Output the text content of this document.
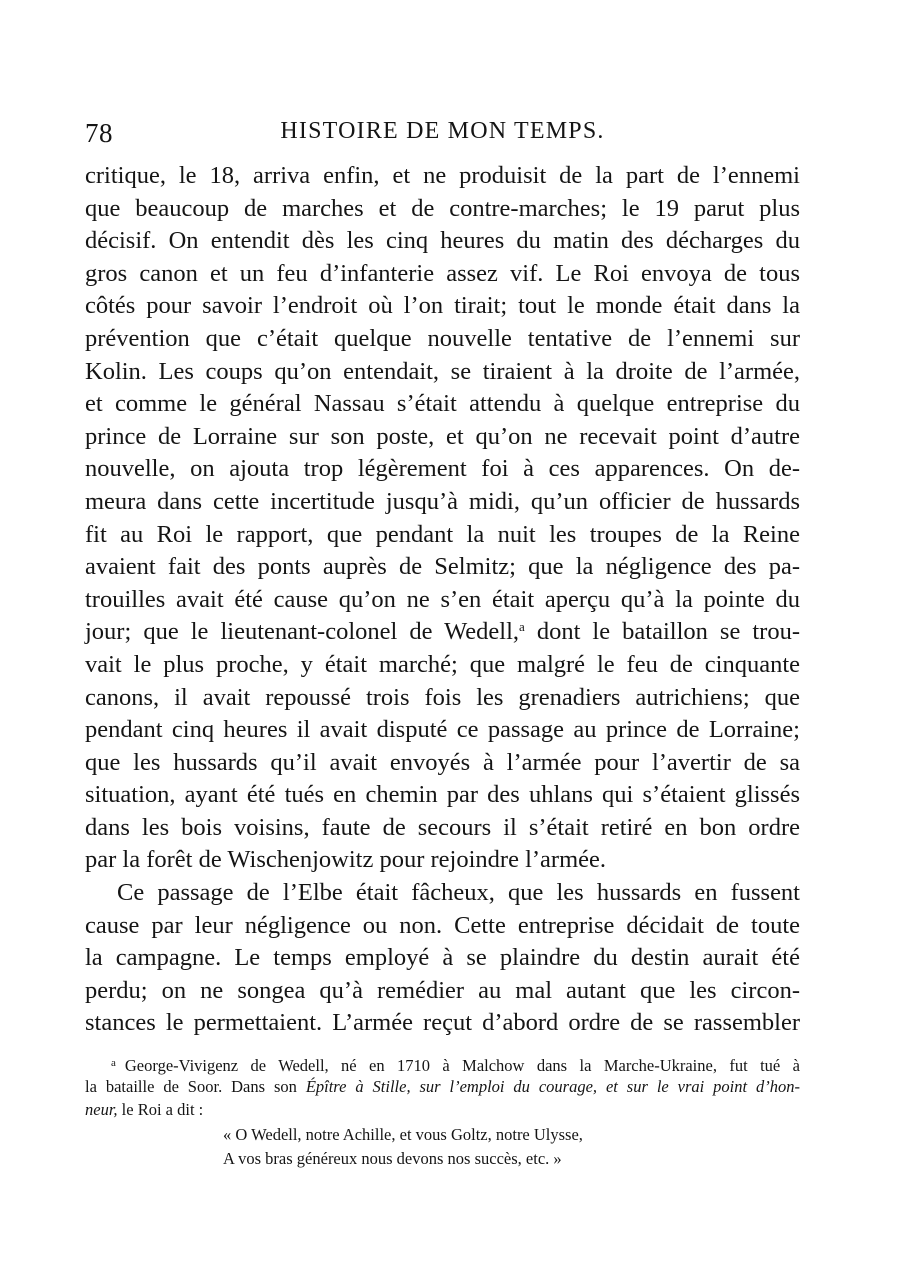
78	HISTOIRE DE MON TEMPS.
critique, le 18, arriva enfin, et ne produisit de la part de l’ennemi
que beaucoup de marches et de contre-marches; le 19 parut plus
décisif. On entendit dès les cinq heures du matin des décharges du
gros canon et un feu d’infanterie assez vif. Le Roi envoya de tous
côtés pour savoir l’endroit où l’on tirait; tout le monde était dans la
prévention que c’était quelque nouvelle tentative de l’ennemi sur
Kolin. Les coups qu’on entendait, se tiraient à la droite de l’armée,
et comme le général Nassau s’était attendu à quelque entreprise du
prince de Lorraine sur son poste, et qu’on ne recevait point d’autre
nouvelle, on ajouta trop légèrement foi à ces apparences. On de-
meura dans cette incertitude jusqu’à midi, qu’un officier de hussards
fit au Roi le rapport, que pendant la nuit les troupes de la Reine
avaient fait des ponts auprès de Selmitz; que la négligence des pa-
trouilles avait été cause qu’on ne s’en était aperçu qu’à la pointe du
jour; que le lieutenant-colonel de Wedell,$^a$ dont le bataillon se trou-
vait le plus proche, y était marché; que malgré le feu de cinquante
canons, il avait repoussé trois fois les grenadiers autrichiens; que
pendant cinq heures il avait disputé ce passage au prince de Lorraine;
que les hussards qu’il avait envoyés à l’armée pour l’avertir de sa
situation, ayant été tués en chemin par des uhlans qui s’étaient glissés
dans les bois voisins, faute de secours il s’était retiré en bon ordre
par la forêt de Wischenjowitz pour rejoindre l’armée.
Ce passage de l’Elbe était fâcheux, que les hussards en fussent
cause par leur négligence ou non. Cette entreprise décidait de toute
la campagne. Le temps employé à se plaindre du destin aurait été
perdu; on ne songea qu’à remédier au mal autant que les circon-
stances le permettaient. L’armée reçut d’abord ordre de se rassembler
$^a$ George-Vivigenz de Wedell, né en 1710 à Malchow dans la Marche-Ukraine, fut tué à
la bataille de Soor. Dans son Épître à Stille, sur l’emploi du courage, et sur le vrai point d’hon-
neur, le Roi a dit :
« O Wedell, notre Achille, et vous Goltz, notre Ulysse,
A vos bras généreux nous devons nos succès, etc. »
